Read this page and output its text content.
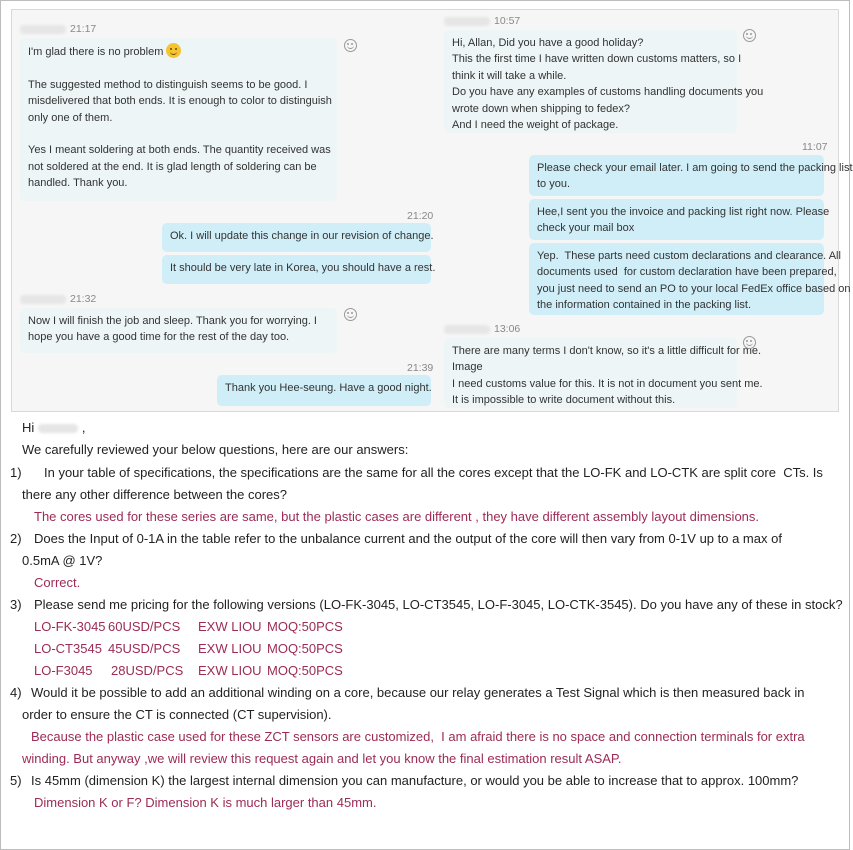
21:17
I'm glad there is no problem

The suggested method to distinguish seems to be good. I
misdelivered that both ends. It is enough to color to distinguish
only one of them.

Yes I meant soldering at both ends. The quantity received was
not soldered at the end. It is glad length of soldering can be
handled. Thank you.
21:20
Ok. I will update this change in our revision of change.
It should be very late in Korea, you should have a rest.
21:32
Now I will finish the job and sleep. Thank you for worrying. I
hope you have a good time for the rest of the day too.
21:39
Thank you Hee-seung. Have a good night.
10:57
Hi, Allan, Did you have a good holiday?
This the first time I have written down customs matters, so I
think it will take a while.
Do you have any examples of customs handling documents you
wrote down when shipping to fedex?
And I need the weight of package.
11:07
Please check your email later. I am going to send the packing list
to you.
Hee,I sent you the invoice and packing list right now. Please
check your mail box
Yep.  These parts need custom declarations and clearance. All
documents used  for custom declaration have been prepared,
you just need to send an PO to your local FedEx office based on
the information contained in the packing list.
13:06
There are many terms I don't know, so it's a little difficult for me.
Image
I need customs value for this. It is not in document you sent me.
It is impossible to write document without this.
Hi	,
We carefully reviewed your below questions, here are our answers:
1) In your table of specifications, the specifications are the same for all the cores except that the LO-FK and LO-CTK are split core  CTs. Is
there any other difference between the cores?
The cores used for these series are same, but the plastic cases are different , they have different assembly layout dimensions.
2) Does the Input of 0-1A in the table refer to the unbalance current and the output of the core will then vary from 0-1V up to a max of
0.5mA @ 1V?
Correct.
3) Please send me pricing for the following versions (LO-FK-3045, LO-CT3545, LO-F-3045, LO-CTK-3545). Do you have any of these in stock?
LO-FK-3045 60USD/PCS EXW LIOU MOQ:50PCS
LO-CT3545 45USD/PCS EXW LIOU MOQ:50PCS
LO-F3045 28USD/PCS EXW LIOU MOQ:50PCS
4) Would it be possible to add an additional winding on a core, because our relay generates a Test Signal which is then measured back in
order to ensure the CT is connected (CT supervision).
Because the plastic case used for these ZCT sensors are customized,  I am afraid there is no space and connection terminals for extra
winding. But anyway ,we will review this request again and let you know the final estimation result ASAP.
5) Is 45mm (dimension K) the largest internal dimension you can manufacture, or would you be able to increase that to approx. 100mm?
Dimension K or F? Dimension K is much larger than 45mm.
